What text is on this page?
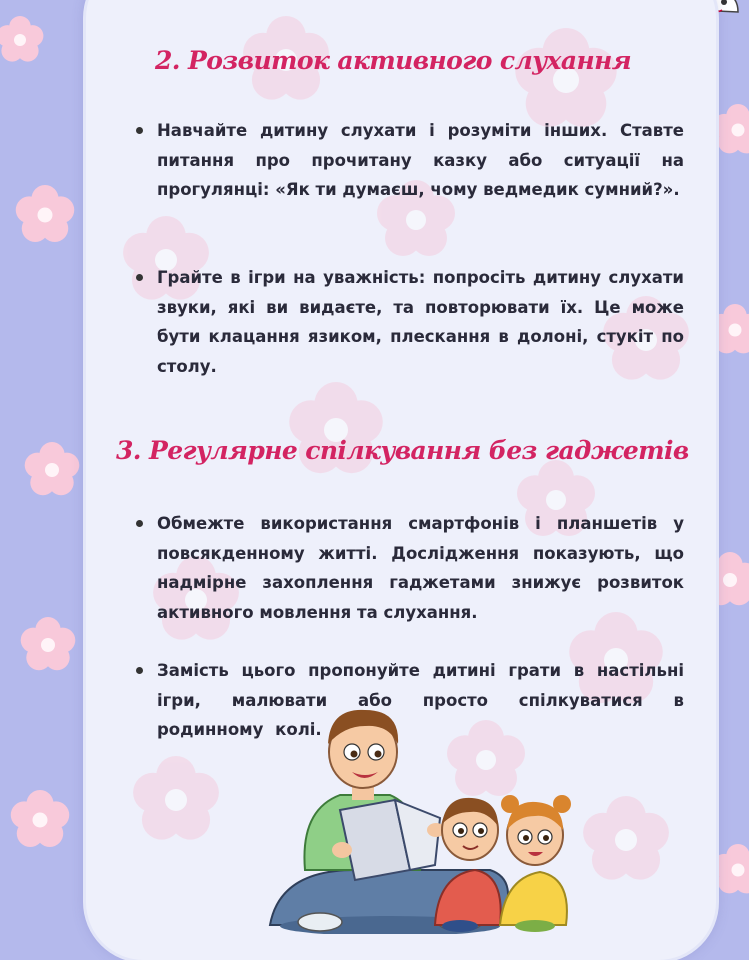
2. Розвиток активного слухання

Навчайте дитину слухати і розуміти інших. Ставте питання про прочитану казку або ситуації на прогулянці: «Як ти думаєш, чому ведмедик сумний?».

Грайте в ігри на уважність: попросіть дитину слухати звуки, які ви видаєте, та повторювати їх. Це може бути клацання язиком, плескання в долоні, стукіт по столу.

3. Регулярне спілкування без гаджетів

Обмежте використання смартфонів і планшетів у повсякденному житті. Дослідження показують, що надмірне захоплення гаджетами знижує розвиток активного мовлення та слухання.

Замість цього пропонуйте дитині грати в настільні ігри, малювати або просто спілкуватися в родинному колі.
